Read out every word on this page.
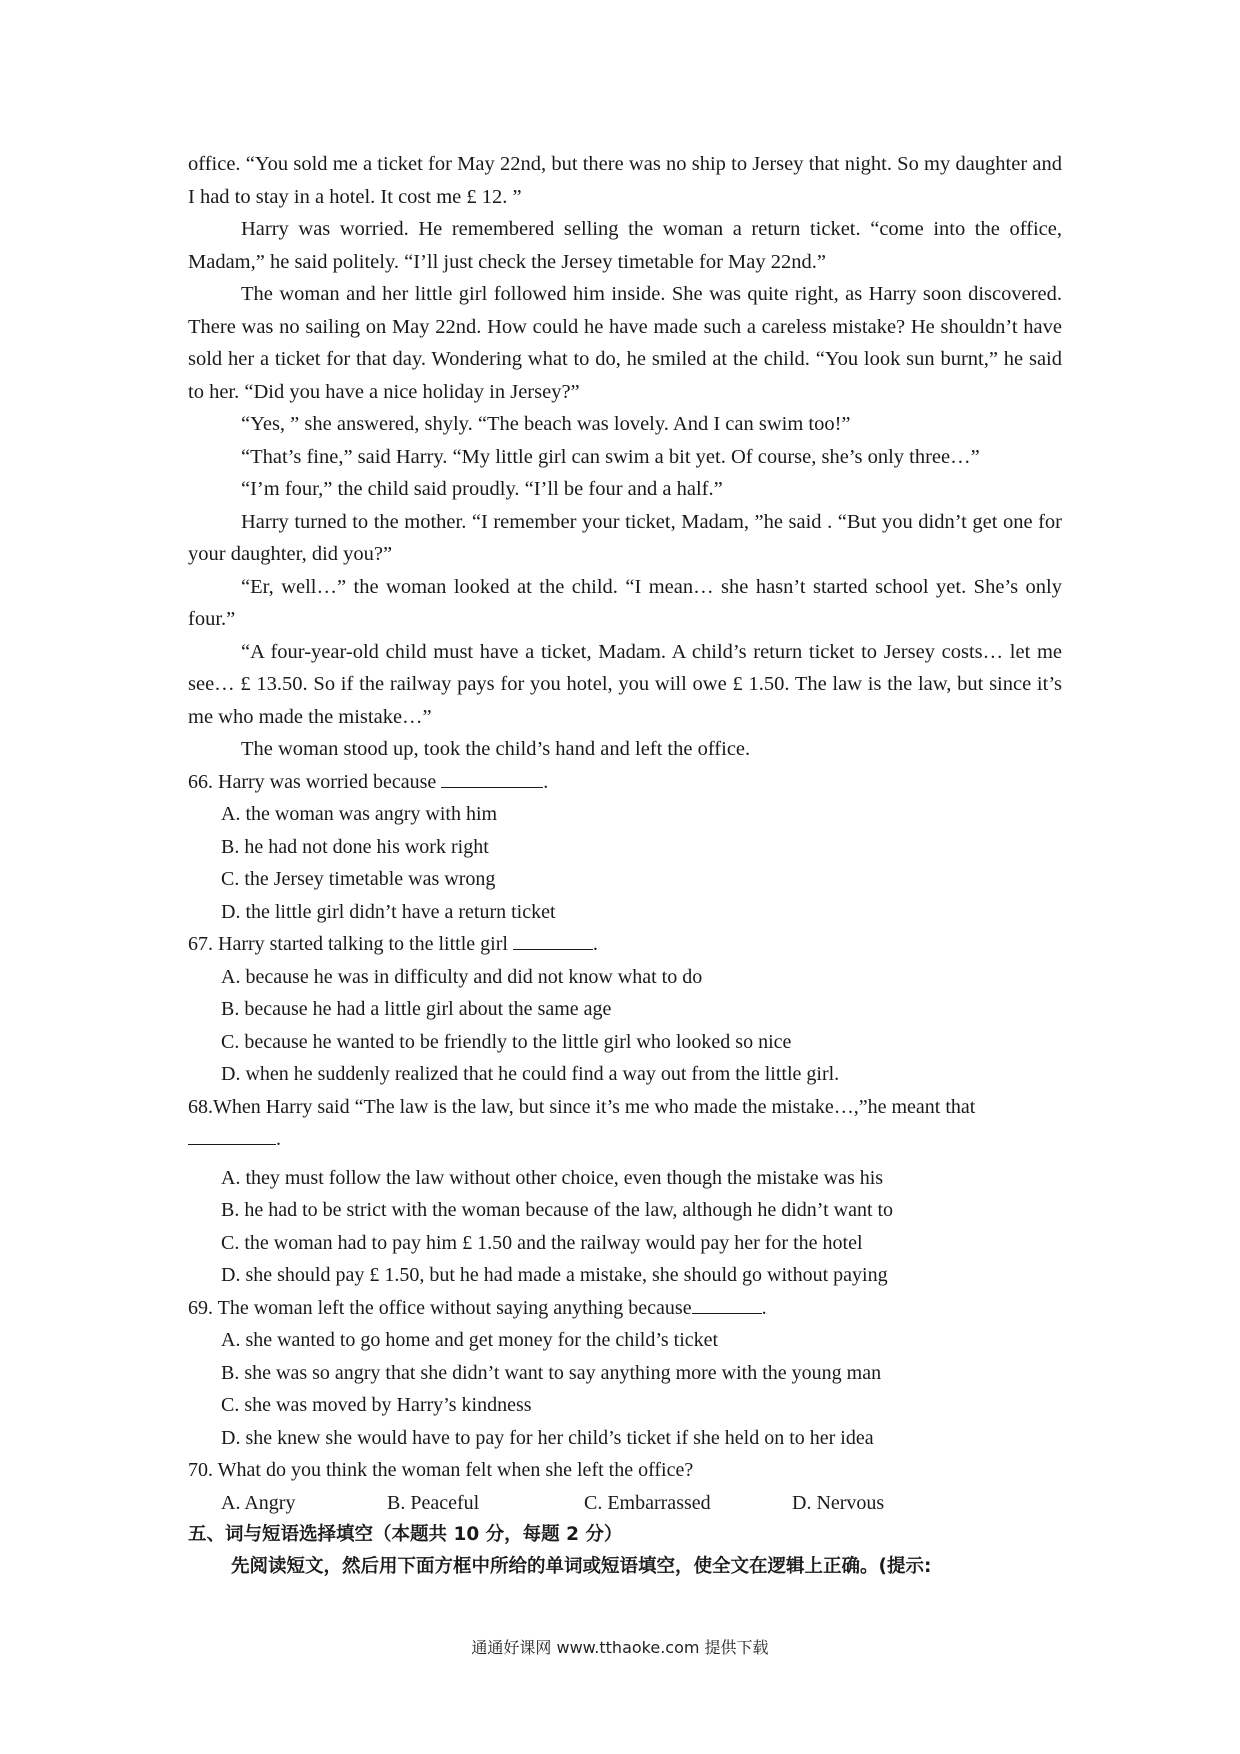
office. “You sold me a ticket for May 22nd, but there was no ship to Jersey that night. So my daughter and I had to stay in a hotel. It cost me £ 12. ”

Harry was worried. He remembered selling the woman a return ticket. “come into the office, Madam,” he said politely. “I’ll just check the Jersey timetable for May 22nd.”

The woman and her little girl followed him inside. She was quite right, as Harry soon discovered. There was no sailing on May 22nd. How could he have made such a careless mistake? He shouldn’t have sold her a ticket for that day. Wondering what to do, he smiled at the child. “You look sun burnt,” he said to her. “Did you have a nice holiday in Jersey?”

“Yes, ” she answered, shyly. “The beach was lovely. And I can swim too!”

“That’s fine,” said Harry. “My little girl can swim a bit yet. Of course, she’s only three…”

“I’m four,” the child said proudly. “I’ll be four and a half.”

Harry turned to the mother. “I remember your ticket, Madam, ”he said . “But you didn’t get one for your daughter, did you?”

“Er, well…” the woman looked at the child. “I mean… she hasn’t started school yet. She’s only four.”

“A four-year-old child must have a ticket, Madam. A child’s return ticket to Jersey costs… let me see… £ 13.50. So if the railway pays for you hotel, you will owe £ 1.50. The law is the law, but since it’s me who made the mistake…”

The woman stood up, took the child’s hand and left the office.

66. Harry was worried because	.

A. the woman was angry with him

B. he had not done his work right

C. the Jersey timetable was wrong

D. the little girl didn’t have a return ticket

67. Harry started talking to the little girl	.

A. because he was in difficulty and did not know what to do

B. because he had a little girl about the same age

C. because he wanted to be friendly to the little girl who looked so nice

D. when he suddenly realized that he could find a way out from the little girl.

68.When Harry said “The law is the law, but since it’s me who made the mistake…,”he meant that

.

A. they must follow the law without other choice, even though the mistake was his

B. he had to be strict with the woman because of the law, although he didn’t want to

C. the woman had to pay him £ 1.50 and the railway would pay her for the hotel

D. she should pay £ 1.50, but he had made a mistake, she should go without paying

69. The woman left the office without saying anything because	.

A. she wanted to go home and get money for the child’s ticket

B. she was so angry that she didn’t want to say anything more with the young man

C. she was moved by Harry’s kindness

D. she knew she would have to pay for her child’s ticket if she held on to her idea

70. What do you think the woman felt when she left the office?

A. Angry	B. Peaceful	C. Embarrassed	D. Nervous

五、词与短语选择填空（本题共 10 分，每题 2 分）

先阅读短文，然后用下面方框中所给的单词或短语填空，使全文在逻辑上正确。(提示:

通通好课网 www.tthaoke.com 提供下载
